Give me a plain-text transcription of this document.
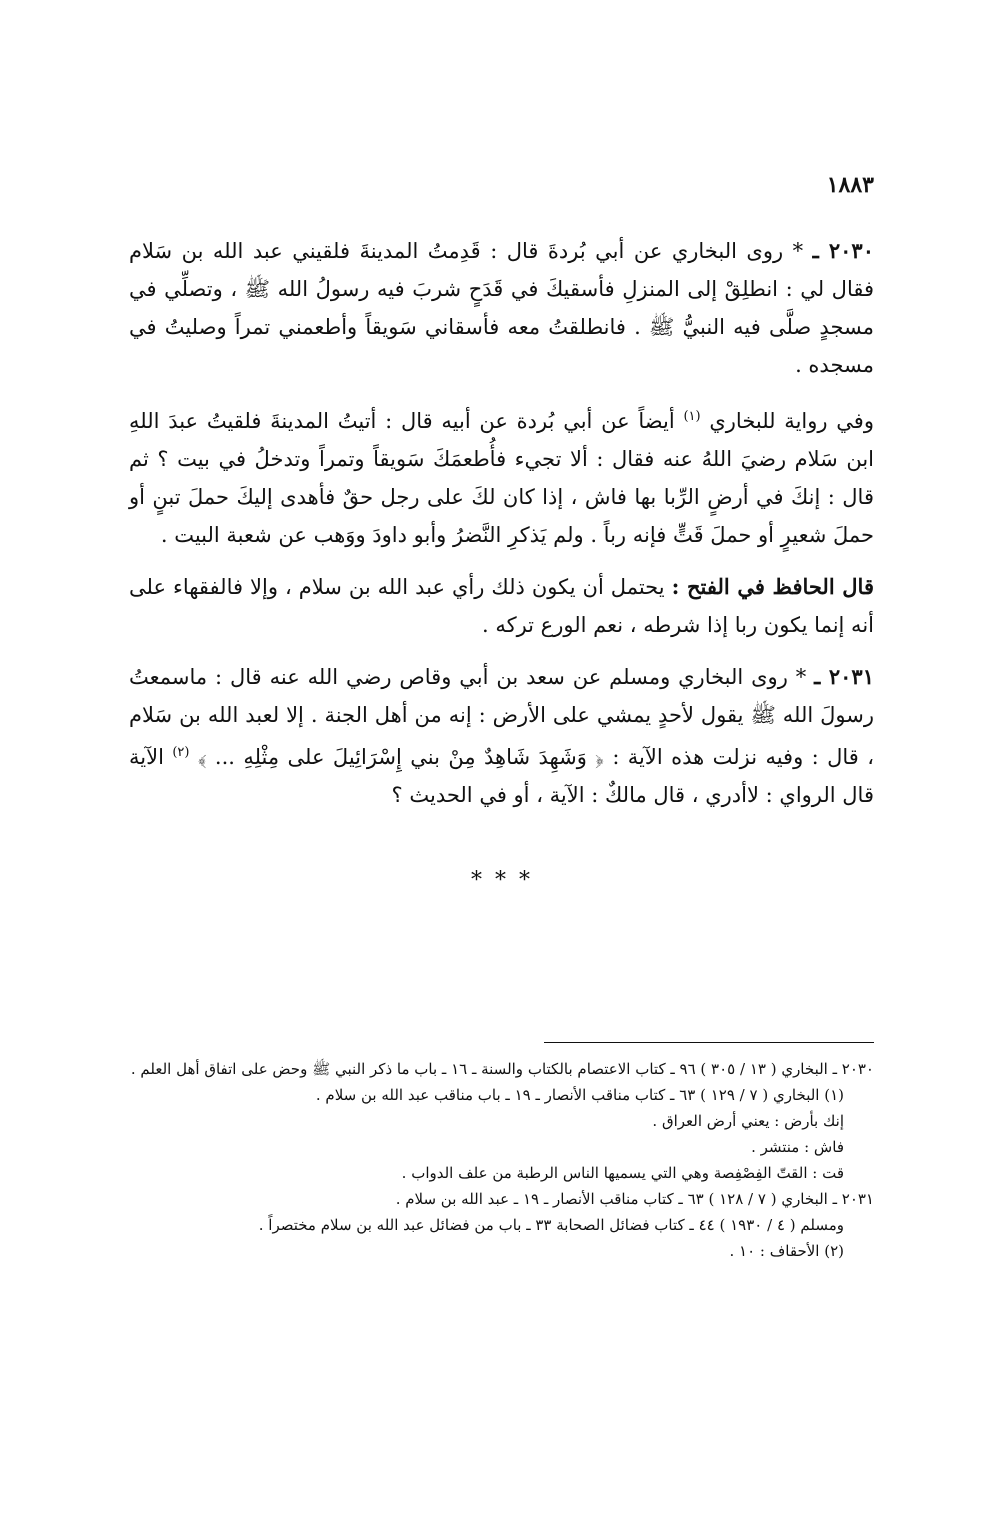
١٨٨٣

٢٠٣٠ ـ * روى البخاري عن أبي بُردةَ قال : قَدِمتُ المدينةَ فلقيني عبد الله بن سَلام فقال لي : انطلِقْ إلى المنزلِ فأسقيكَ في قَدَحٍ شربَ فيه رسولُ الله ﷺ ، وتصلِّي في مسجدٍ صلَّى فيه النبيُّ ﷺ . فانطلقتُ معه فأسقاني سَويقاً وأطعمني تمراً وصليتُ في مسجده .

وفي رواية للبخاري $^{(١)}$ أيضاً عن أبي بُردة عن أبيه قال : أتيتُ المدينةَ فلقيتُ عبدَ اللهِ ابن سَلام رضيَ اللهُ عنه فقال : ألا تجيء فأُطعمَكَ سَويقاً وتمراً وتدخلُ في بيت ؟ ثم قال : إنكَ في أرضٍ الرِّبا بها فاش ، إذا كان لكَ على رجل حقٌ فأهدى إليكَ حملَ تبنٍ أو حملَ شعيرٍ أو حملَ قَتٍّ فإنه رباً . ولم يَذكرِ النَّضرُ وأبو داودَ ووَهب عن شعبة البيت .

قال الحافظ في الفتح : يحتمل أن يكون ذلك رأي عبد الله بن سلام ، وإلا فالفقهاء على أنه إنما يكون ربا إذا شرطه ، نعم الورع تركه .

٢٠٣١ ـ * روى البخاري ومسلم عن سعد بن أبي وقاص رضي الله عنه قال : ماسمعتُ رسولَ الله ﷺ يقول لأحدٍ يمشي على الأرض : إنه من أهل الجنة . إلا لعبد الله بن سَلام ، قال : وفيه نزلت هذه الآية : ﴿ وَشَهِدَ شَاهِدٌ مِنْ بني إِسْرَائِيلَ على مِثْلِهِ ... ﴾ $^{(٢)}$ الآية قال الرواي : لاأدري ، قال مالكٌ : الآية ، أو في الحديث ؟

* * *

٢٠٣٠ ـ البخاري ( ١٣ / ٣٠٥ ) ٩٦ ـ كتاب الاعتصام بالكتاب والسنة ـ ١٦ ـ باب ما ذكر النبي ﷺ وحض على اتفاق أهل العلم .

(١) البخاري ( ٧ / ١٢٩ ) ٦٣ ـ كتاب مناقب الأنصار ـ ١٩ ـ باب مناقب عبد الله بن سلام .

إنك بأرض : يعني أرض العراق .

فاش : منتشر .

قت : القتّ الفِصْفِصة وهي التي يسميها الناس الرطبة من علف الدواب .

٢٠٣١ ـ البخاري ( ٧ / ١٢٨ ) ٦٣ ـ كتاب مناقب الأنصار ـ ١٩ ـ عبد الله بن سلام .

ومسلم ( ٤ / ١٩٣٠ ) ٤٤ ـ كتاب فضائل الصحابة ٣٣ ـ باب من فضائل عبد الله بن سلام مختصراً .

(٢) الأحقاف : ١٠ .
